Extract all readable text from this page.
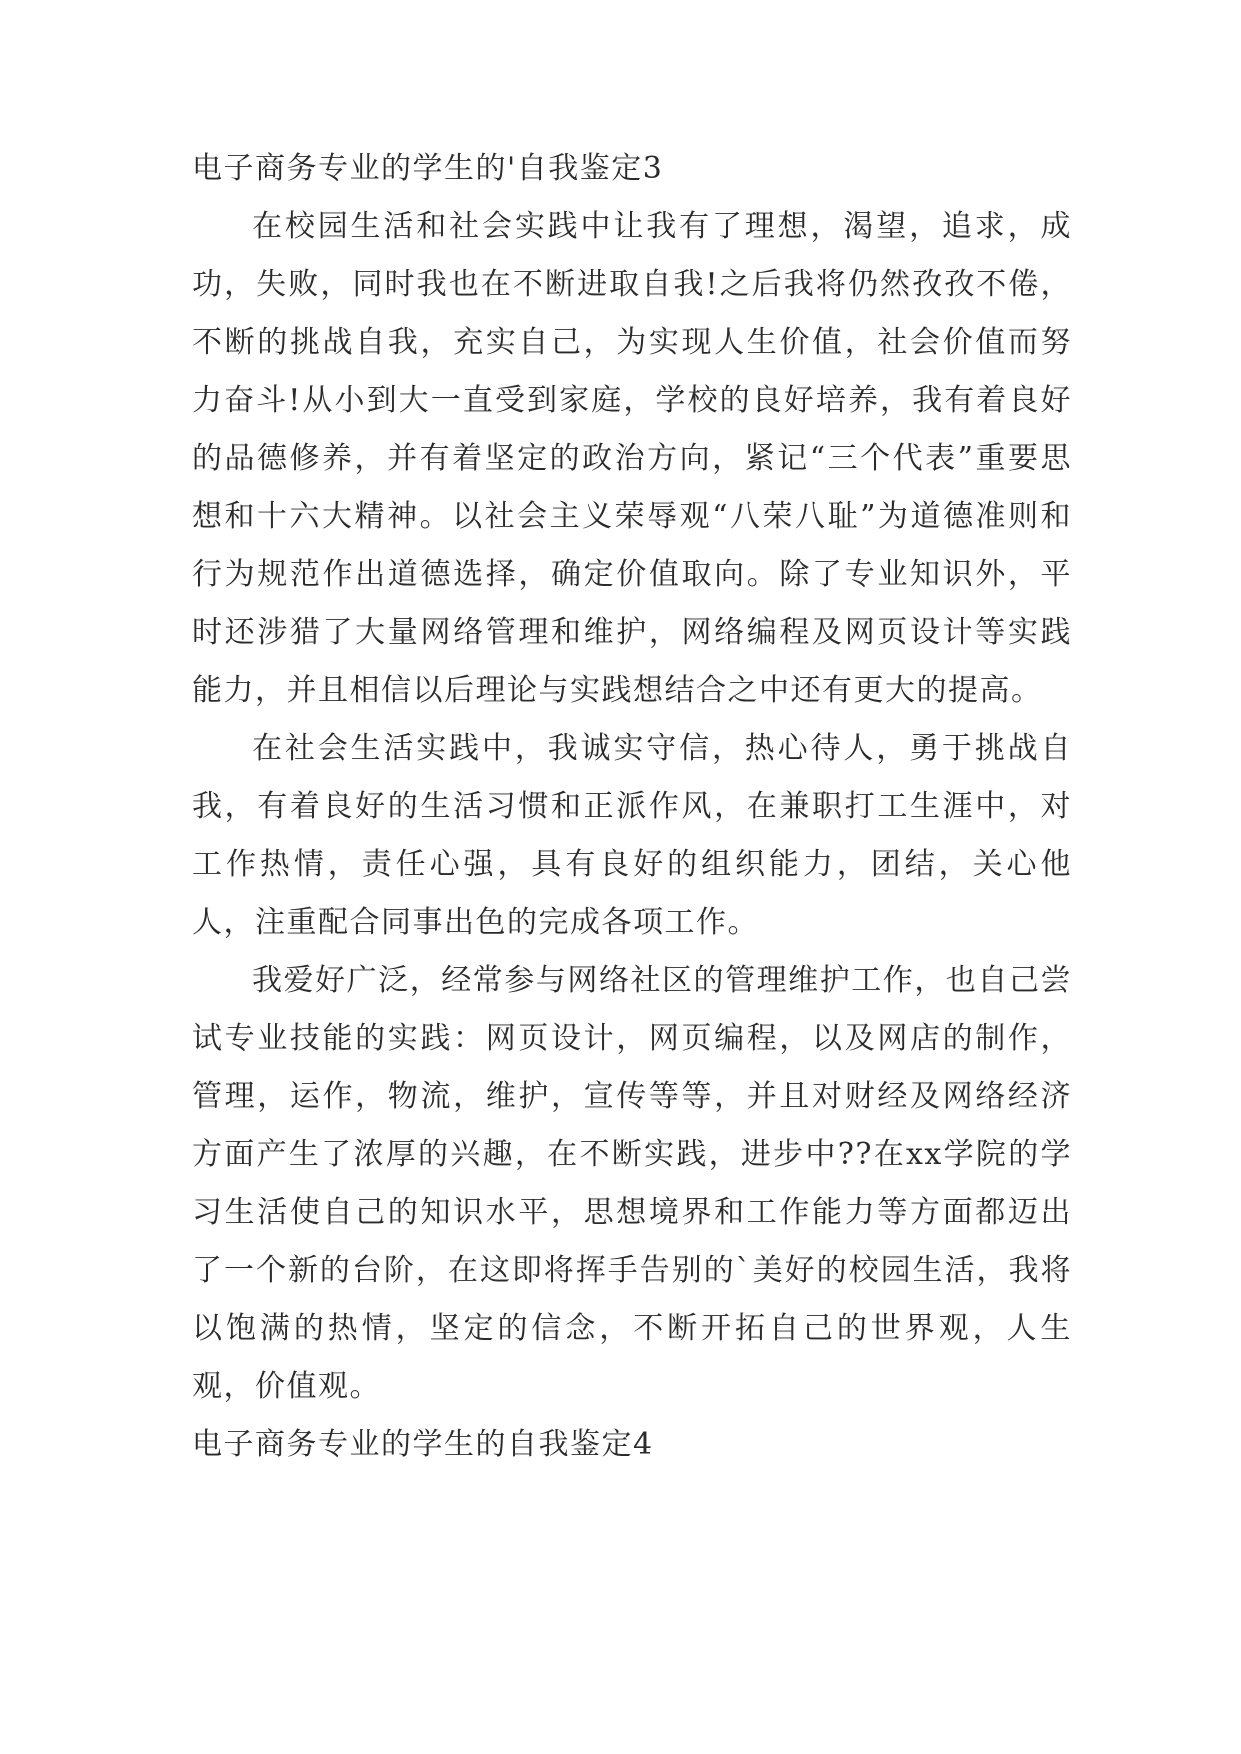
电子商务专业的学生的'自我鉴定3

在校园生活和社会实践中让我有了理想，渴望，追求，成功，失败，同时我也在不断进取自我!之后我将仍然孜孜不倦，不断的挑战自我，充实自己，为实现人生价值，社会价值而努力奋斗!从小到大一直受到家庭，学校的良好培养，我有着良好的品德修养，并有着坚定的政治方向，紧记“三个代表”重要思想和十六大精神。以社会主义荣辱观“八荣八耻”为道德准则和行为规范作出道德选择，确定价值取向。除了专业知识外，平时还涉猎了大量网络管理和维护，网络编程及网页设计等实践能力，并且相信以后理论与实践想结合之中还有更大的提高。

在社会生活实践中，我诚实守信，热心待人，勇于挑战自我，有着良好的生活习惯和正派作风，在兼职打工生涯中，对工作热情，责任心强，具有良好的组织能力，团结，关心他人，注重配合同事出色的完成各项工作。

我爱好广泛，经常参与网络社区的管理维护工作，也自己尝试专业技能的实践：网页设计，网页编程，以及网店的制作，管理，运作，物流，维护，宣传等等，并且对财经及网络经济方面产生了浓厚的兴趣，在不断实践，进步中??在xx学院的学习生活使自己的知识水平，思想境界和工作能力等方面都迈出了一个新的台阶，在这即将挥手告别的`美好的校园生活，我将以饱满的热情，坚定的信念，不断开拓自己的世界观，人生观，价值观。

电子商务专业的学生的自我鉴定4
